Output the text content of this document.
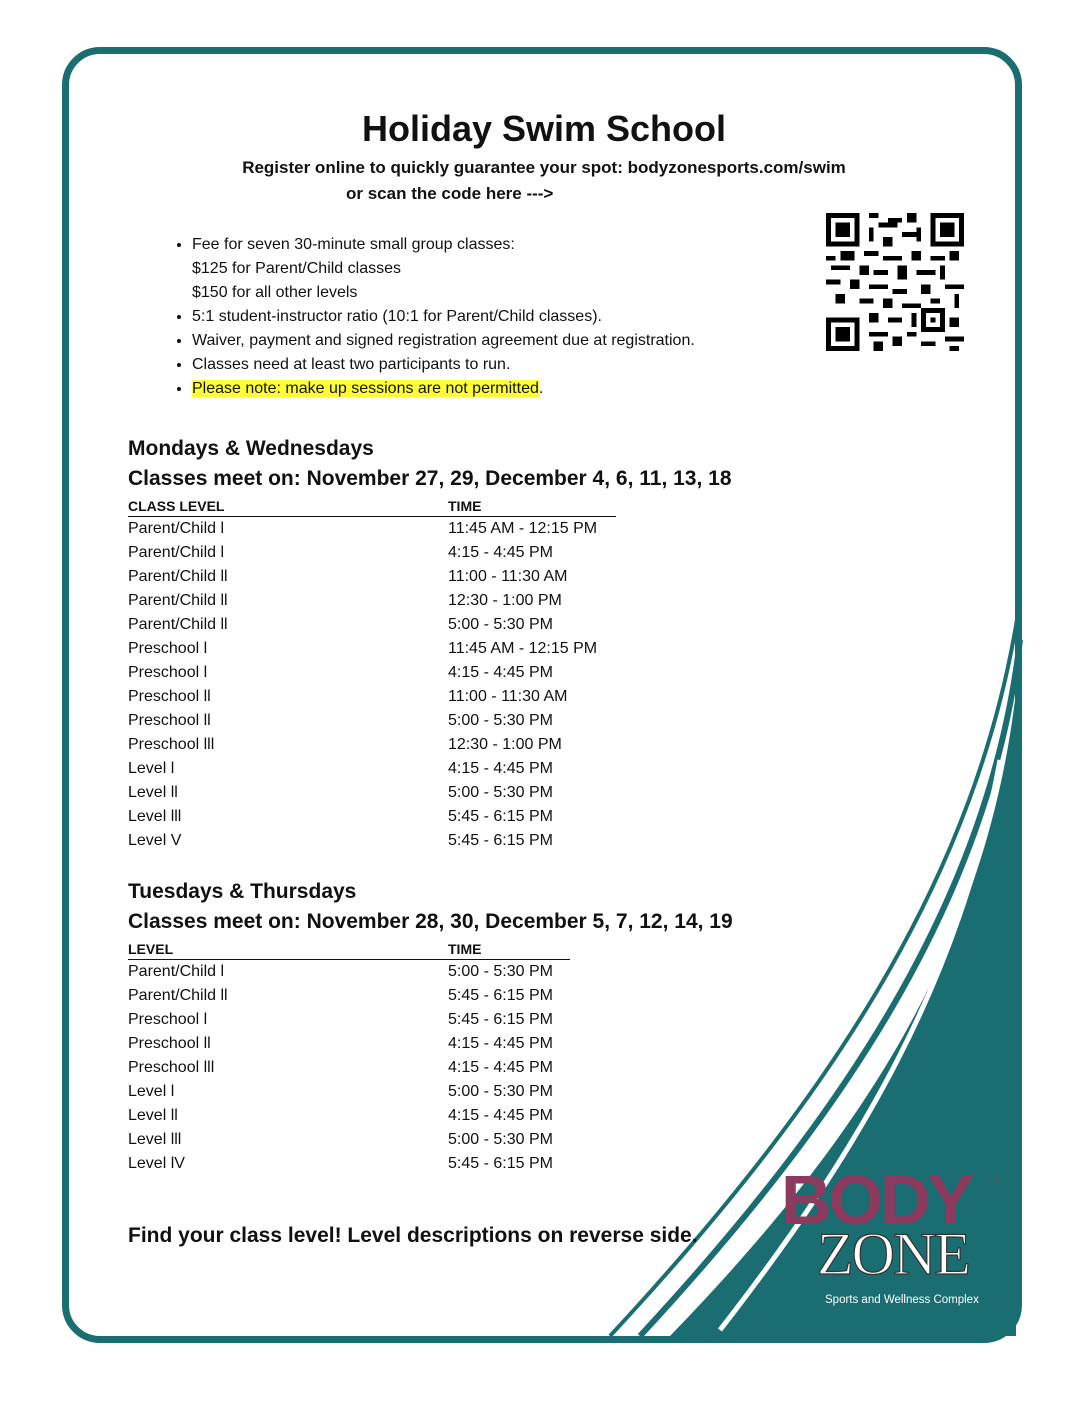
Holiday Swim School
Register online to quickly guarantee your spot: bodyzonesports.com/swim
or scan the code here --->
• Fee for seven 30-minute small group classes:
$125 for Parent/Child classes
$150 for all other levels
• 5:1 student-instructor ratio (10:1 for Parent/Child classes).
• Waiver, payment and signed registration agreement due at registration.
• Classes need at least two participants to run.
• Please note: make up sessions are not permitted.
Mondays & Wednesdays
Classes meet on: November 27, 29, December 4, 6, 11, 13, 18
CLASS LEVEL	TIME
Parent/Child l	11:45 AM - 12:15 PM
Parent/Child l	4:15 - 4:45 PM
Parent/Child ll	11:00 - 11:30 AM
Parent/Child ll	12:30 - 1:00 PM
Parent/Child ll	5:00 - 5:30 PM
Preschool l	11:45 AM - 12:15 PM
Preschool l	4:15 - 4:45 PM
Preschool ll	11:00 - 11:30 AM
Preschool ll	5:00 - 5:30 PM
Preschool lll	12:30 - 1:00 PM
Level l	4:15 - 4:45 PM
Level ll	5:00 - 5:30 PM
Level lll	5:45 - 6:15 PM
Level V	5:45 - 6:15 PM
Tuesdays & Thursdays
Classes meet on: November 28, 30, December 5, 7, 12, 14, 19
LEVEL	TIME
Parent/Child l	5:00 - 5:30 PM
Parent/Child ll	5:45 - 6:15 PM
Preschool l	5:45 - 6:15 PM
Preschool ll	4:15 - 4:45 PM
Preschool lll	4:15 - 4:45 PM
Level l	5:00 - 5:30 PM
Level ll	4:15 - 4:45 PM
Level lll	5:00 - 5:30 PM
Level lV	5:45 - 6:15 PM
Find your class level! Level descriptions on reverse side. BODY TM
ZONE
Sports and Wellness Complex
